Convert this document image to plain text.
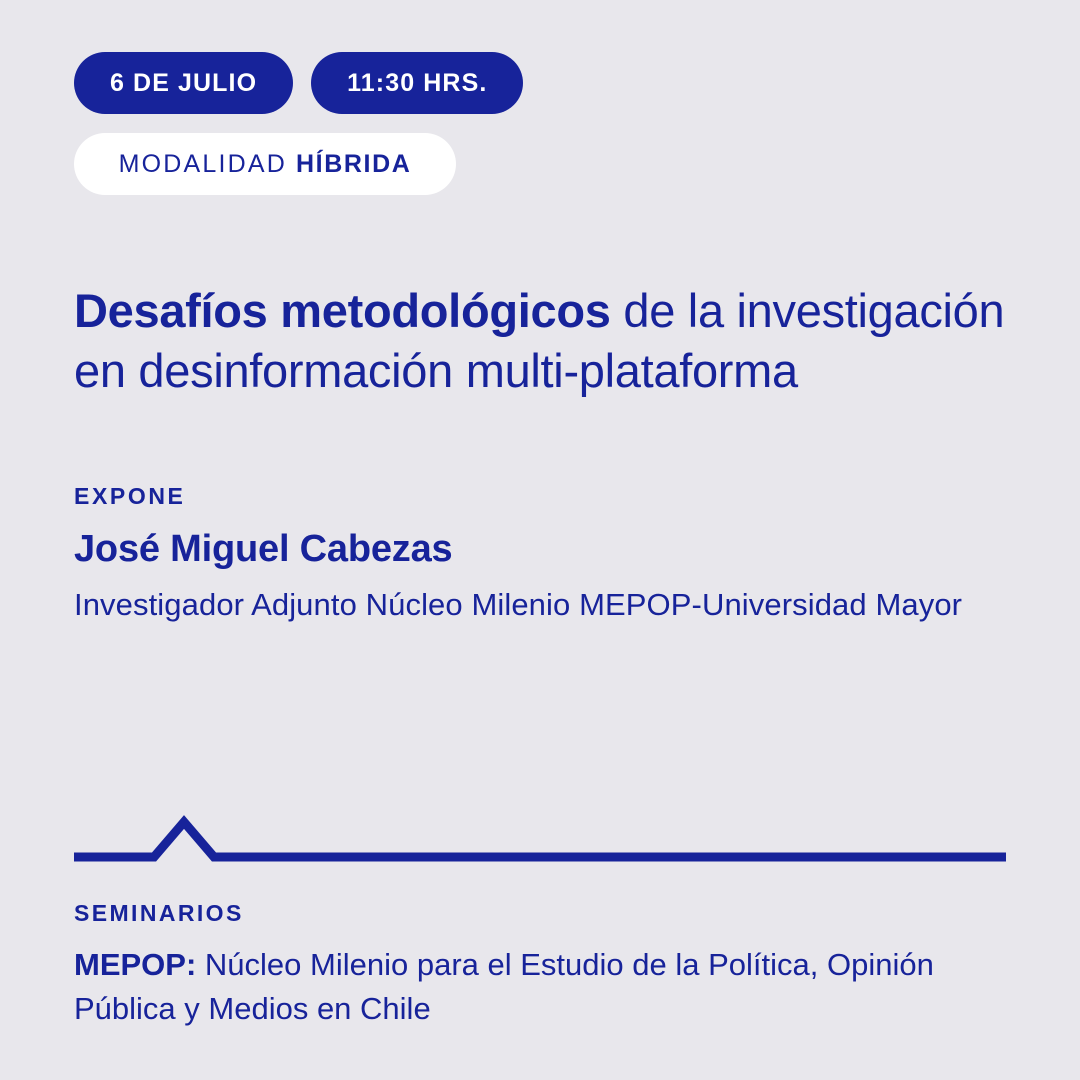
6 DE JULIO	11:30 HRS.
MODALIDAD HÍBRIDA
Desafíos metodológicos de la investigación en desinformación multi-plataforma
EXPONE
José Miguel Cabezas
Investigador Adjunto Núcleo Milenio MEPOP-Universidad Mayor
SEMINARIOS
MEPOP: Núcleo Milenio para el Estudio de la Política, Opinión Pública y Medios en Chile
